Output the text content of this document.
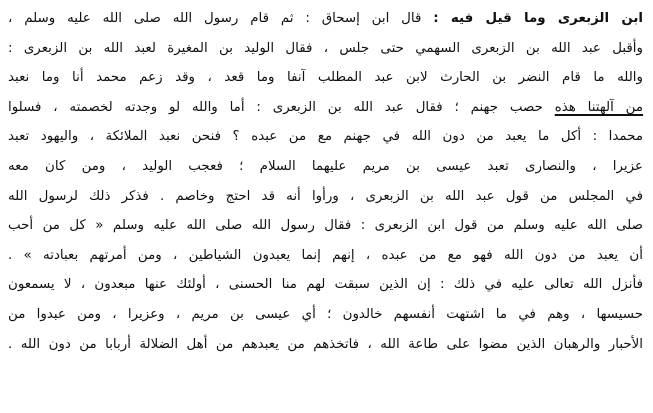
ابن الزبعرى وما قيل فيه : قال ابن إسحاق : ثم قام رسول الله صلى الله عليه وسلم ،
وأقبل عبد الله بن الزبعرى السهمي حتى جلس ، فقال الوليد بن المغيرة لعبد الله بن الزبعرى :
والله ما قام النضر بن الحارث لابن عبد المطلب آنفا وما قعد ، وقد زعم محمد أنا وما نعبد
من آلهتنا هذه حصب جهنم ؛ فقال عبد الله بن الزبعرى : أما والله لو وجدته لخصمته ، فسلوا
محمدا : أكل ما يعبد من دون الله في جهنم مع من عبده ؟ فنحن نعبد الملائكة ، واليهود تعبد
عزيرا ، والنصارى تعبد عيسى بن مريم عليهما السلام ؛ فعجب الوليد ، ومن كان معه
في المجلس من قول عبد الله بن الزبعرى ، ورأوا أنه قد احتج وخاصم . فذكر ذلك لرسول الله
صلى الله عليه وسلم من قول ابن الزبعرى : فقال رسول الله صلى الله عليه وسلم « كل من أحب
أن يعبد من دون الله فهو مع من عبده ، إنهم إنما يعبدون الشياطين ، ومن أمرتهم بعبادته » .
فأنزل الله تعالى عليه في ذلك : إن الذين سبقت لهم منا الحسنى ، أولئك عنها مبعدون ، لا يسمعون
حسيسها ، وهم في ما اشتهت أنفسهم خالدون ؛ أي عيسى بن مريم ، وعزيرا ، ومن عبدوا من
الأحبار والرهبان الذين مضوا على طاعة الله ، فاتخذهم من يعبدهم من أهل الضلالة أربابا من دون الله .
